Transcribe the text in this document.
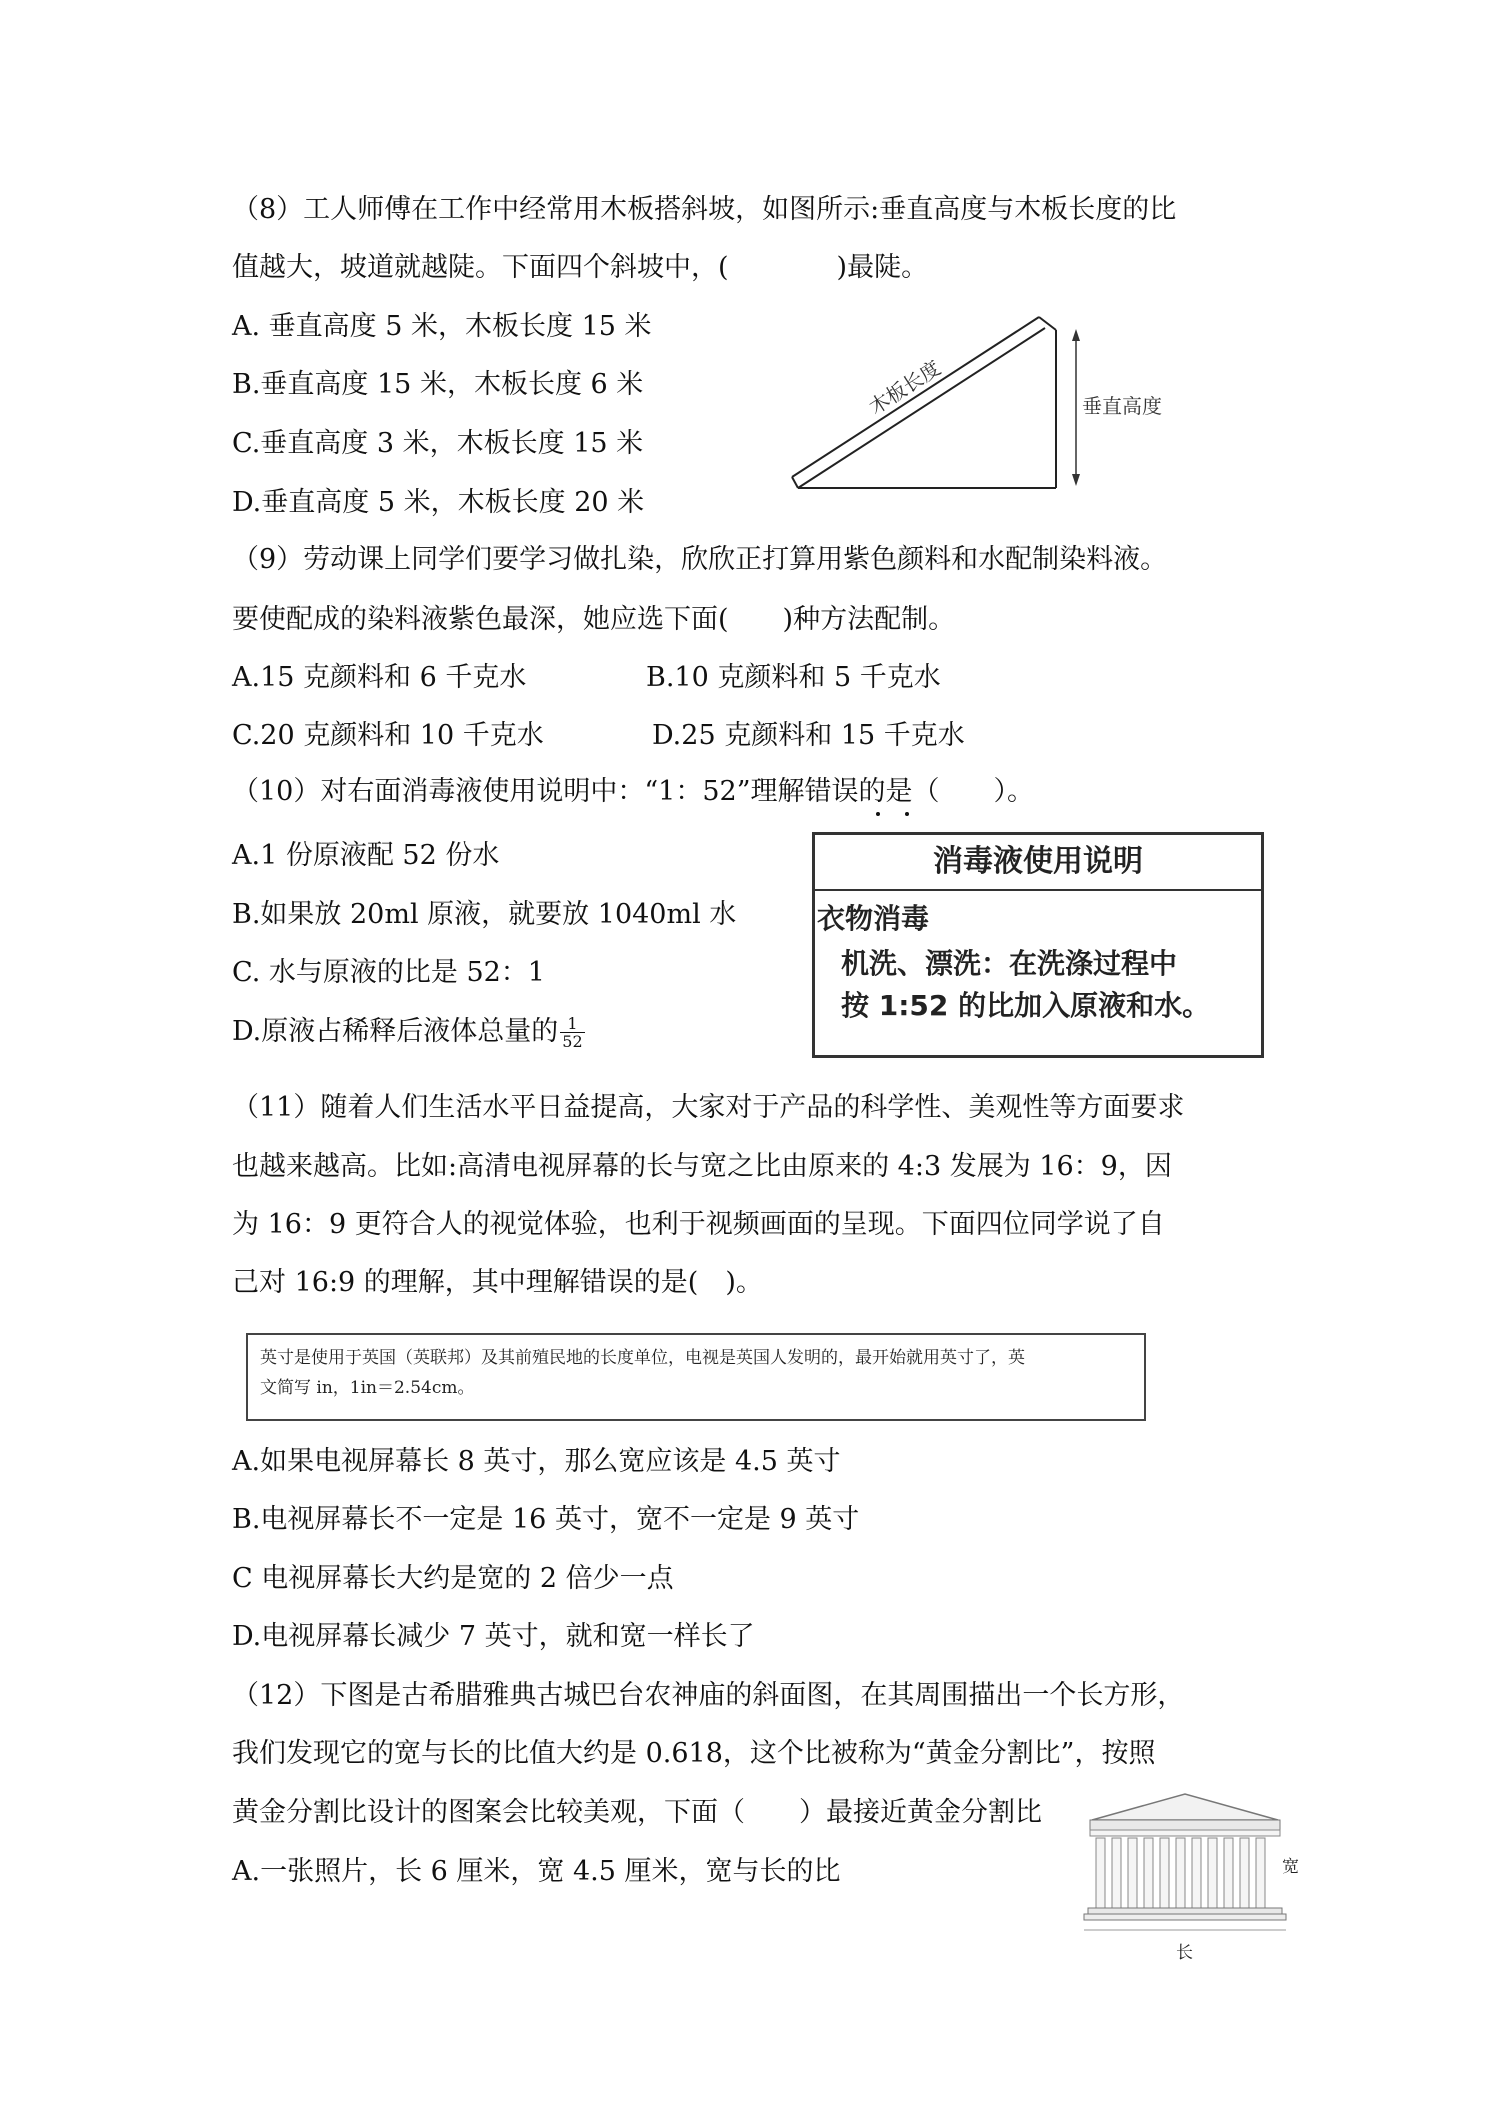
（8）工人师傅在工作中经常用木板搭斜坡，如图所示:垂直高度与木板长度的比
值越大，坡道就越陡。下面四个斜坡中，(　　　　)最陡。
A. 垂直高度 5 米，木板长度 15 米
B.垂直高度 15 米，木板长度 6 米
C.垂直高度 3 米，木板长度 15 米
D.垂直高度 5 米，木板长度 20 米
木板长度	垂直高度
（9）劳动课上同学们要学习做扎染，欣欣正打算用紫色颜料和水配制染料液。
要使配成的染料液紫色最深，她应选下面(　　)种方法配制。
A.15 克颜料和 6 千克水	B.10 克颜料和 5 千克水
C.20 克颜料和 10 千克水	D.25 克颜料和 15 千克水
（10）对右面消毒液使用说明中：“1：52”理解错误的是（　　）。
A.1 份原液配 52 份水
B.如果放 20ml 原液，就要放 1040ml 水
C. 水与原液的比是 52：1
D.原液占稀释后液体总量的 $\frac{1}{52}$
消毒液使用说明
衣物消毒
机洗、漂洗：在洗涤过程中
按 1:52 的比加入原液和水。
（11）随着人们生活水平日益提高，大家对于产品的科学性、美观性等方面要求
也越来越高。比如:高清电视屏幕的长与宽之比由原来的 4:3 发展为 16：9，因
为 16：9 更符合人的视觉体验，也利于视频画面的呈现。下面四位同学说了自
己对 16:9 的理解，其中理解错误的是(　)。
英寸是使用于英国（英联邦）及其前殖民地的长度单位，电视是英国人发明的，最开始就用英寸了，英
文简写 in，1in＝2.54cm。
A.如果电视屏幕长 8 英寸，那么宽应该是 4.5 英寸
B.电视屏幕长不一定是 16 英寸，宽不一定是 9 英寸
C 电视屏幕长大约是宽的 2 倍少一点
D.电视屏幕长减少 7 英寸，就和宽一样长了
（12）下图是古希腊雅典古城巴台农神庙的斜面图，在其周围描出一个长方形，
我们发现它的宽与长的比值大约是 0.618，这个比被称为“黄金分割比”，按照
黄金分割比设计的图案会比较美观，下面（　　）最接近黄金分割比
A.一张照片，长 6 厘米，宽 4.5 厘米，宽与长的比	宽
长
